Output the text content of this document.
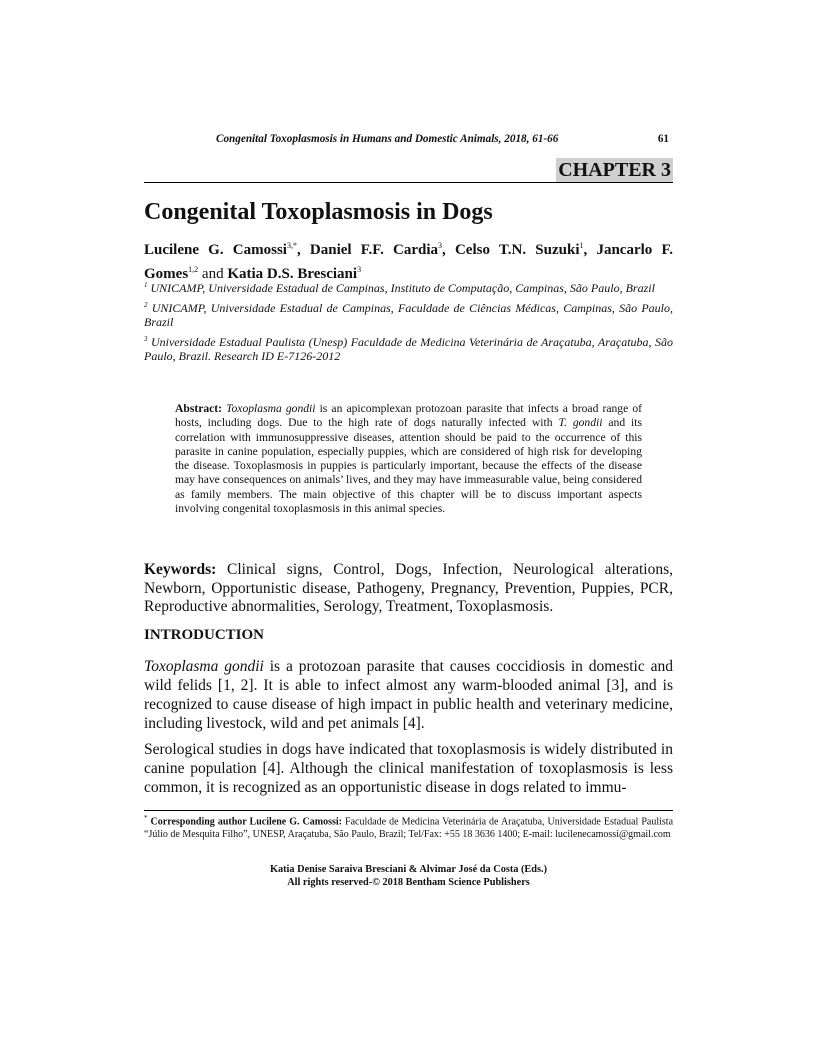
Congenital Toxoplasmosis in Humans and Domestic Animals, 2018, 61-66	61
CHAPTER 3
Congenital Toxoplasmosis in Dogs
Lucilene G. Camossi$^{3,*}$, Daniel F.F. Cardia$^3$, Celso T.N. Suzuki$^1$, Jancarlo F. Gomes$^{1,2}$ and Katia D.S. Bresciani$^3$

$^1$ UNICAMP, Universidade Estadual de Campinas, Instituto de Computação, Campinas, São Paulo, Brazil

$^2$ UNICAMP, Universidade Estadual de Campinas, Faculdade de Ciências Médicas, Campinas, São Paulo, Brazil

$^3$ Universidade Estadual Paulista (Unesp) Faculdade de Medicina Veterinária de Araçatuba, Araçatuba, São Paulo, Brazil. Research ID E-7126-2012

Abstract: Toxoplasma gondii is an apicomplexan protozoan parasite that infects a broad range of hosts, including dogs. Due to the high rate of dogs naturally infected with T. gondii and its correlation with immunosuppressive diseases, attention should be paid to the occurrence of this parasite in canine population, especially puppies, which are considered of high risk for developing the disease. Toxoplasmosis in puppies is particularly important, because the effects of the disease may have consequences on animals’ lives, and they may have immeasurable value, being considered as family members. The main objective of this chapter will be to discuss important aspects involving congenital toxoplasmosis in this animal species.
Keywords: Clinical signs, Control, Dogs, Infection, Neurological alterations, Newborn, Opportunistic disease, Pathogeny, Pregnancy, Prevention, Puppies, PCR, Reproductive abnormalities, Serology, Treatment, Toxoplasmosis.
INTRODUCTION

Toxoplasma gondii is a protozoan parasite that causes coccidiosis in domestic and wild felids [1, 2]. It is able to infect almost any warm-blooded animal [3], and is recognized to cause disease of high impact in public health and veterinary medicine, including livestock, wild and pet animals [4].

Serological studies in dogs have indicated that toxoplasmosis is widely distributed in canine population [4]. Although the clinical manifestation of toxoplasmosis is less common, it is recognized as an opportunistic disease in dogs related to immu-

* Corresponding author Lucilene G. Camossi: Faculdade de Medicina Veterinária de Araçatuba, Universidade Estadual Paulista “Júlio de Mesquita Filho”, UNESP, Araçatuba, São Paulo, Brazil; Tel/Fax: +55 18 3636 1400; E-mail: lucilenecamossi@gmail.com
Katia Denise Saraiva Bresciani & Alvimar José da Costa (Eds.)
All rights reserved-© 2018 Bentham Science Publishers
